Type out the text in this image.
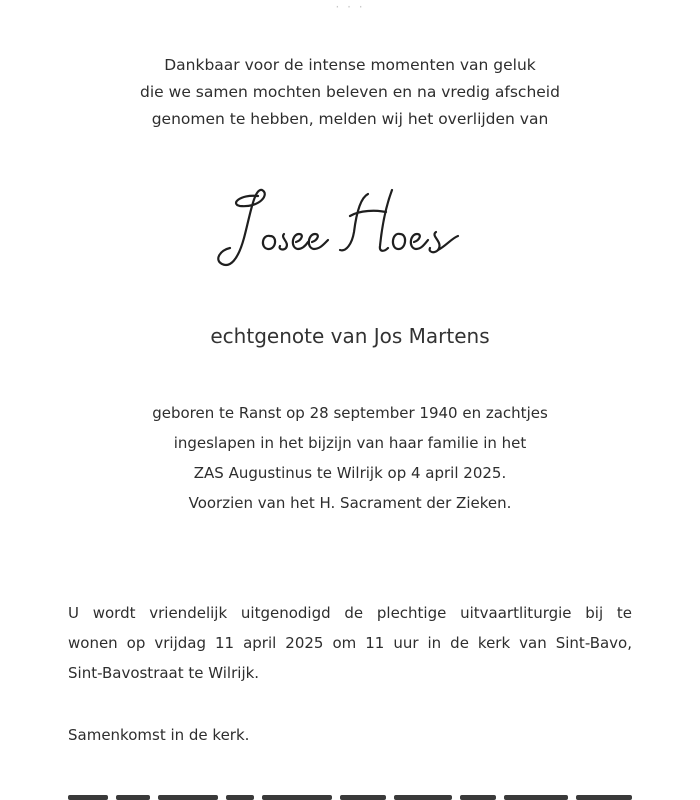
· · ·
Dankbaar voor de intense momenten van geluk
die we samen mochten beleven en na vredig afscheid
genomen te hebben, melden wij het overlijden van
echtgenote van Jos Martens
geboren te Ranst op 28 september 1940 en zachtjes
ingeslapen in het bijzijn van haar familie in het
ZAS Augustinus te Wilrijk op 4 april 2025.
Voorzien van het H. Sacrament der Zieken.
U wordt vriendelijk uitgenodigd de plechtige uitvaartliturgie bij te
wonen op vrijdag 11 april 2025 om 11 uur in de kerk van Sint-Bavo,
Sint-Bavostraat te Wilrijk.
Samenkomst in de kerk.
